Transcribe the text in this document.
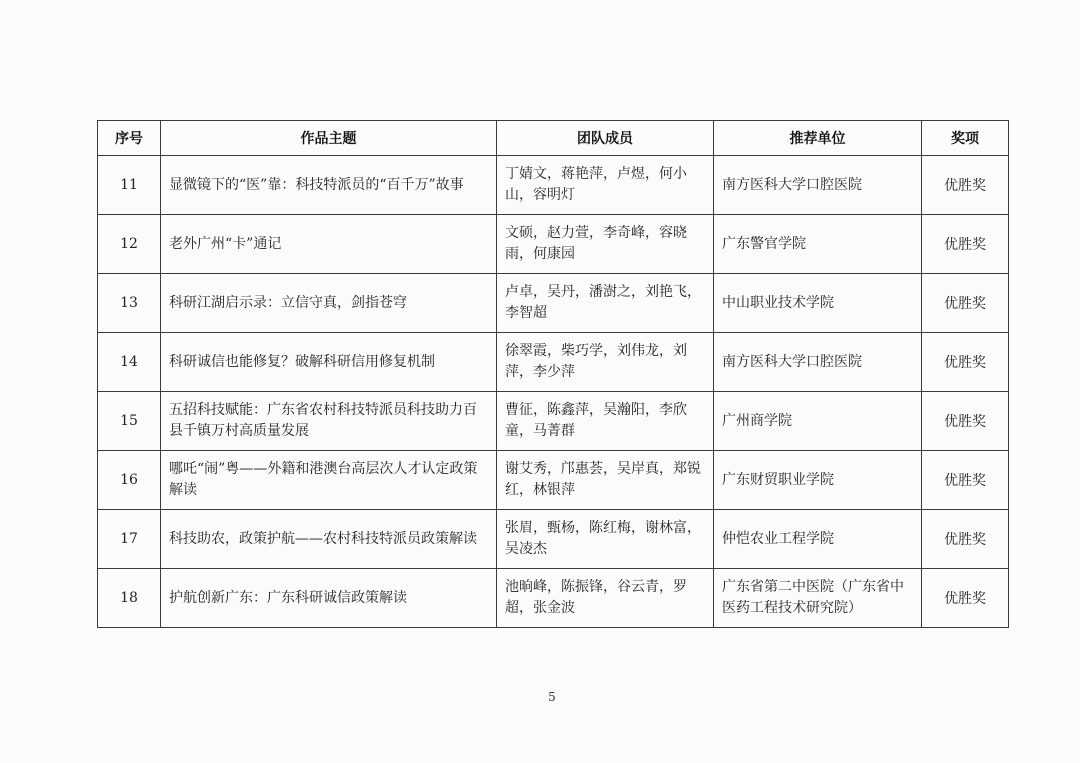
序号	作品主题	团队成员	推荐单位	奖项
11	显微镜下的“医”靠：科技特派员的“百千万”故事	丁婧文，蒋艳萍，卢煜，何小山，容明灯	南方医科大学口腔医院	优胜奖
12	老外广州“卡”通记	文硕，赵力萱，李奇峰，容晓雨，何康园	广东警官学院	优胜奖
13	科研江湖启示录：立信守真，剑指苍穹	卢卓，吴丹，潘澍之，刘艳飞，李智超	中山职业技术学院	优胜奖
14	科研诚信也能修复？破解科研信用修复机制	徐翠霞，柴巧学，刘伟龙，刘萍，李少萍	南方医科大学口腔医院	优胜奖
15	五招科技赋能：广东省农村科技特派员科技助力百县千镇万村高质量发展	曹征，陈鑫萍，吴瀚阳，李欣童，马菁群	广州商学院	优胜奖
16	哪吒“闹”粤——外籍和港澳台高层次人才认定政策解读	谢艾秀，邝惠荟，吴岸真，郑锐红，林银萍	广东财贸职业学院	优胜奖
17	科技助农，政策护航——农村科技特派员政策解读	张眉，甄杨，陈红梅，谢林富，吴凌杰	仲恺农业工程学院	优胜奖
18	护航创新广东：广东科研诚信政策解读	池晌峰，陈振锋，谷云青，罗超，张金波	广东省第二中医院（广东省中医药工程技术研究院）	优胜奖
5
